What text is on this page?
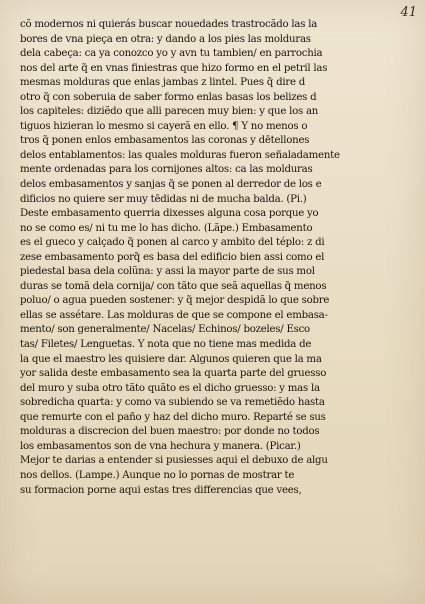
41
cõ modernos ni quierás buscar nouedades trastrocãdo las la
bores de vna pieça en otra: y dando a los pies las molduras
dela cabeça: ca ya conozco yo y avn tu tambien/ en parrochia
nos del arte q̃ en vnas finiestras que hizo formo en el petril las
mesmas molduras que enlas jambas z lintel. Pues q̃ dire d
otro q̃ con soberuia de saber formo enlas basas los belizes d
los capiteles: diziẽdo que alli parecen muy bien: y que los an
tiguos hizieran lo mesmo si cayerã en ello. ¶ Y no menos o
tros q̃ ponen enlos embasamentos las coronas y dētellones
delos entablamentos: las quales molduras fueron señaladamente
mente ordenadas para los cornijones altos: ca las molduras
delos embasamentos y sanjas q̃ se ponen al derredor de los e
dificios no quiere ser muy tēdidas ni de mucha balda. (Pi.)
Deste embasamento querria dixesses alguna cosa porque yo
no se como es/ ni tu me lo has dicho. (Lãpe.) Embasamento
es el gueco y calçado q̃ ponen al carco y ambito del téplo: z di
zese embasamento porq̃ es basa del edificio bien assi como el
piedestal basa dela colũna: y assi la mayor parte de sus mol
duras se tomã dela cornija/ con tãto que seã aquellas q̃ menos
poluo/ o agua pueden sostener: y q̃ mejor despidã lo que sobre
ellas se assétare. Las molduras de que se compone el embasa-
mento/ son generalmente/ Nacelas/ Echinos/ bozeles/ Esco
tas/ Filetes/ Lenguetas. Y nota que no tiene mas medida de
la que el maestro les quisiere dar. Algunos quieren que la ma
yor salida deste embasamento sea la quarta parte del gruesso
del muro y suba otro tãto quãto es el dicho gruesso: y mas la
sobredicha quarta: y como va subiendo se va remetiẽdo hasta
que remurte con el paño y haz del dicho muro. Reparté se sus
molduras a discrecion del buen maestro: por donde no todos
los embasamentos son de vna hechura y manera. (Picar.)
Mejor te darias a entender si pusiesses aqui el debuxo de algu
nos dellos. (Lampe.) Aunque no lo pornas de mostrar te
su formacion porne aqui estas tres differencias que vees,
